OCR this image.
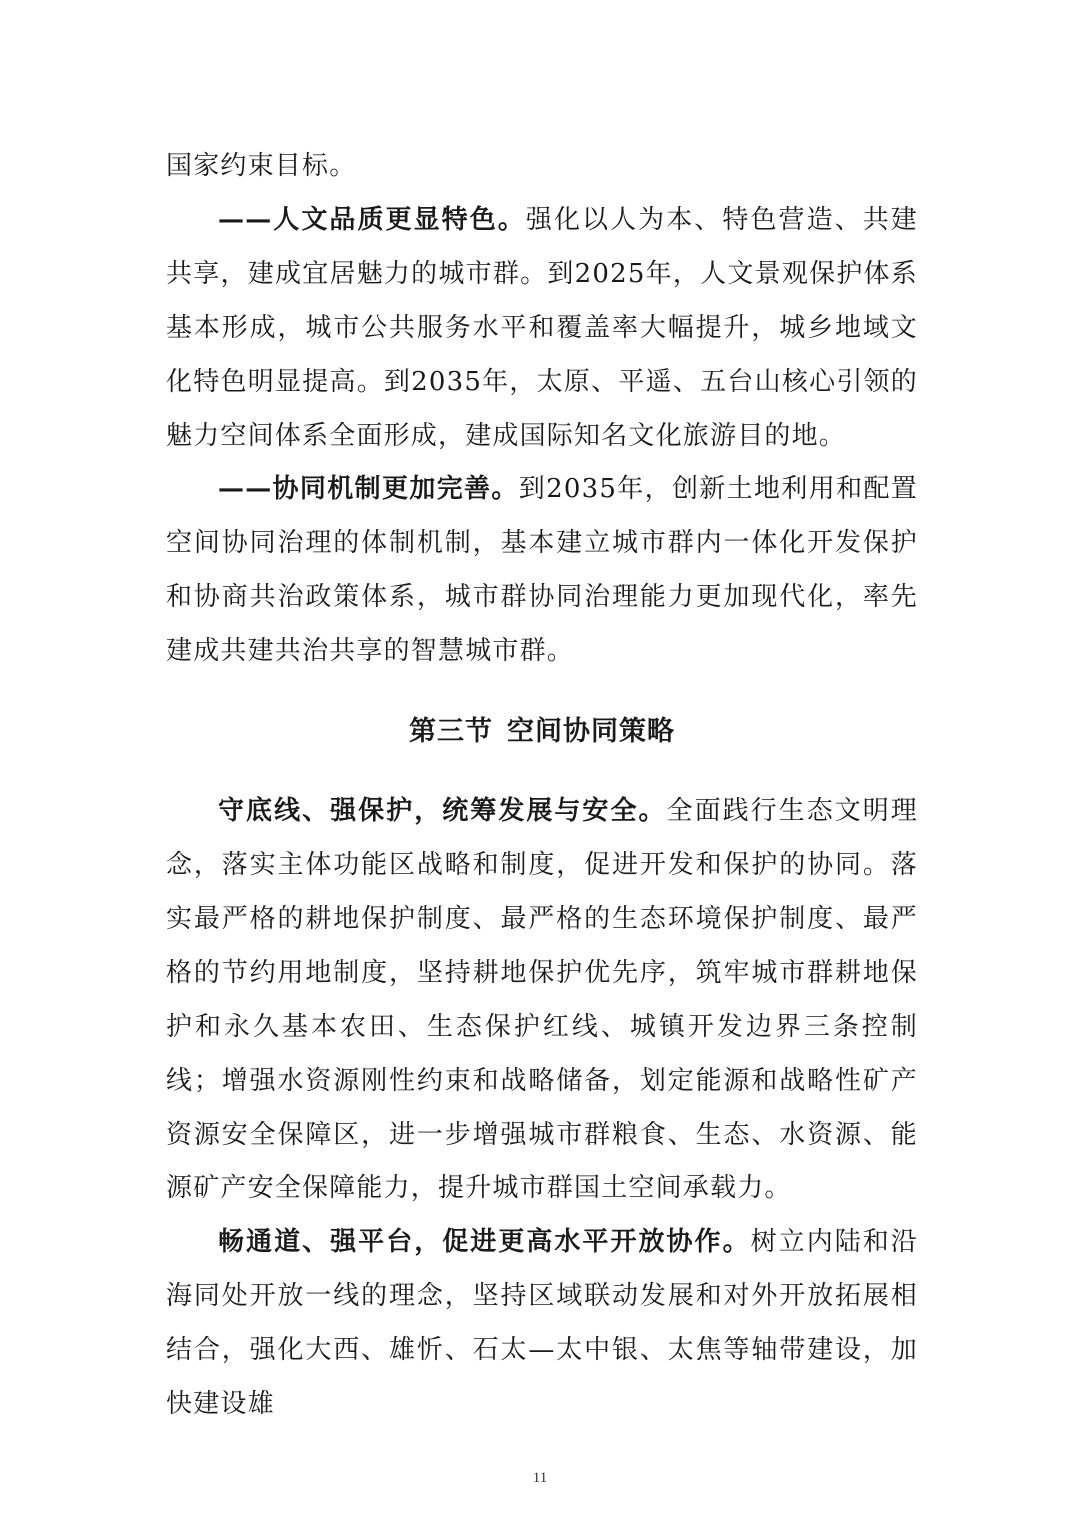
国家约束目标。

——人文品质更显特色。强化以人为本、特色营造、共建共享，建成宜居魅力的城市群。到2025年，人文景观保护体系基本形成，城市公共服务水平和覆盖率大幅提升，城乡地域文化特色明显提高。到2035年，太原、平遥、五台山核心引领的魅力空间体系全面形成，建成国际知名文化旅游目的地。

——协同机制更加完善。到2035年，创新土地利用和配置空间协同治理的体制机制，基本建立城市群内一体化开发保护和协商共治政策体系，城市群协同治理能力更加现代化，率先建成共建共治共享的智慧城市群。

第三节 空间协同策略

守底线、强保护，统筹发展与安全。全面践行生态文明理念，落实主体功能区战略和制度，促进开发和保护的协同。落实最严格的耕地保护制度、最严格的生态环境保护制度、最严格的节约用地制度，坚持耕地保护优先序，筑牢城市群耕地保护和永久基本农田、生态保护红线、城镇开发边界三条控制线；增强水资源刚性约束和战略储备，划定能源和战略性矿产资源安全保障区，进一步增强城市群粮食、生态、水资源、能源矿产安全保障能力，提升城市群国土空间承载力。

畅通道、强平台，促进更高水平开放协作。树立内陆和沿海同处开放一线的理念，坚持区域联动发展和对外开放拓展相结合，强化大西、雄忻、石太—太中银、太焦等轴带建设，加快建设雄

11
